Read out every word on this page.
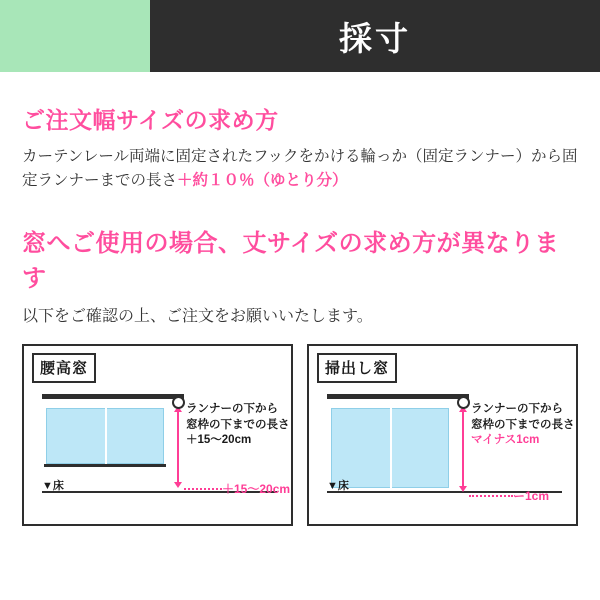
採寸
ご注文幅サイズの求め方

カーテンレール両端に固定されたフックをかける輪っか（固定ランナー）から固定ランナーまでの長さ＋約１０％（ゆとり分）

窓へご使用の場合、丈サイズの求め方が異なります

以下をご確認の上、ご注文をお願いいたします。

腰高窓
▼床	＋15〜20cm
ランナーの下から
窓枠の下までの長さ
＋15〜20cm
掃出し窓
▼床
ー1cm
ランナーの下から
窓枠の下までの長さ
マイナス1cm
